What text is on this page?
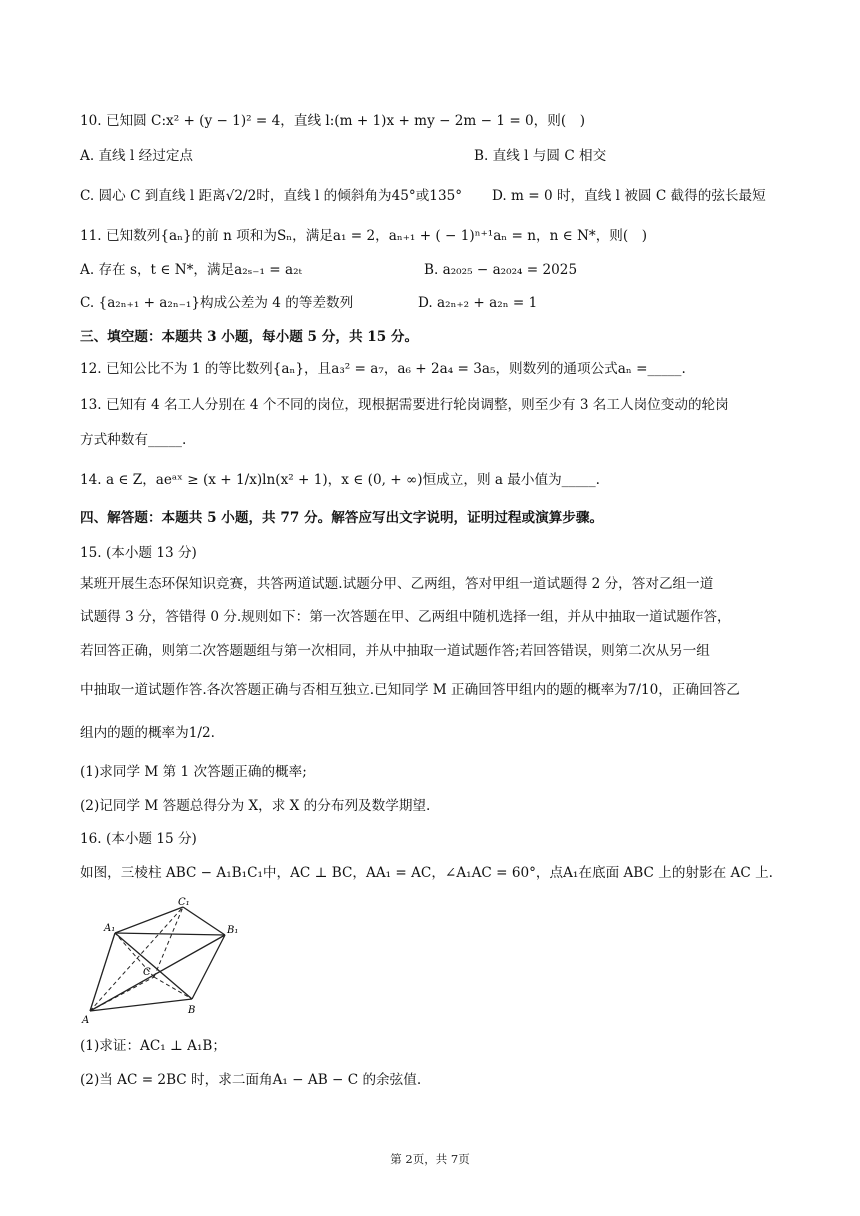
10. 已知圆 C:x² + (y − 1)² = 4，直线 l:(m + 1)x + my − 2m − 1 = 0，则(　)
A. 直线 l 经过定点	B. 直线 l 与圆 C 相交
C. 圆心 C 到直线 l 距离√2/2时，直线 l 的倾斜角为45°或135° D. m = 0 时，直线 l 被圆 C 截得的弦长最短
11. 已知数列{aₙ}的前 n 项和为Sₙ，满足a₁ = 2，aₙ₊₁ + ( − 1)ⁿ⁺¹aₙ = n，n ∈ N*，则(　)
A. 存在 s，t ∈ N*，满足a₂ₛ₋₁ = a₂ₜ	B. a₂₀₂₅ − a₂₀₂₄ = 2025
C. {a₂ₙ₊₁ + a₂ₙ₋₁}构成公差为 4 的等差数列	D. a₂ₙ₊₂ + a₂ₙ = 1
三、填空题：本题共 3 小题，每小题 5 分，共 15 分。
12. 已知公比不为 1 的等比数列{aₙ}，且a₃² = a₇，a₆ + 2a₄ = 3a₅，则数列的通项公式aₙ =_____.
13. 已知有 4 名工人分别在 4 个不同的岗位，现根据需要进行轮岗调整，则至少有 3 名工人岗位变动的轮岗
方式种数有_____.
14. a ∈ Z，aeᵃˣ ≥ (x + 1/x)ln(x² + 1)，x ∈ (0, + ∞)恒成立，则 a 最小值为_____.
四、解答题：本题共 5 小题，共 77 分。解答应写出文字说明，证明过程或演算步骤。
15. (本小题 13 分)
某班开展生态环保知识竞赛，共答两道试题.试题分甲、乙两组，答对甲组一道试题得 2 分，答对乙组一道
试题得 3 分，答错得 0 分.规则如下：第一次答题在甲、乙两组中随机选择一组，并从中抽取一道试题作答，
若回答正确，则第二次答题题组与第一次相同，并从中抽取一道试题作答;若回答错误，则第二次从另一组
中抽取一道试题作答.各次答题正确与否相互独立.已知同学 M 正确回答甲组内的题的概率为7/10，正确回答乙
组内的题的概率为1/2.
(1)求同学 M 第 1 次答题正确的概率;
(2)记同学 M 答题总得分为 X，求 X 的分布列及数学期望.
16. (本小题 15 分)
如图，三棱柱 ABC − A₁B₁C₁中，AC ⊥ BC，AA₁ = AC，∠A₁AC = 60°，点A₁在底面 ABC 上的射影在 AC 上.
A
B
C
A₁	B₁
C₁
(1)求证：AC₁ ⊥ A₁B；
(2)当 AC = 2BC 时，求二面角A₁ − AB − C 的余弦值.
第 2页，共 7页
